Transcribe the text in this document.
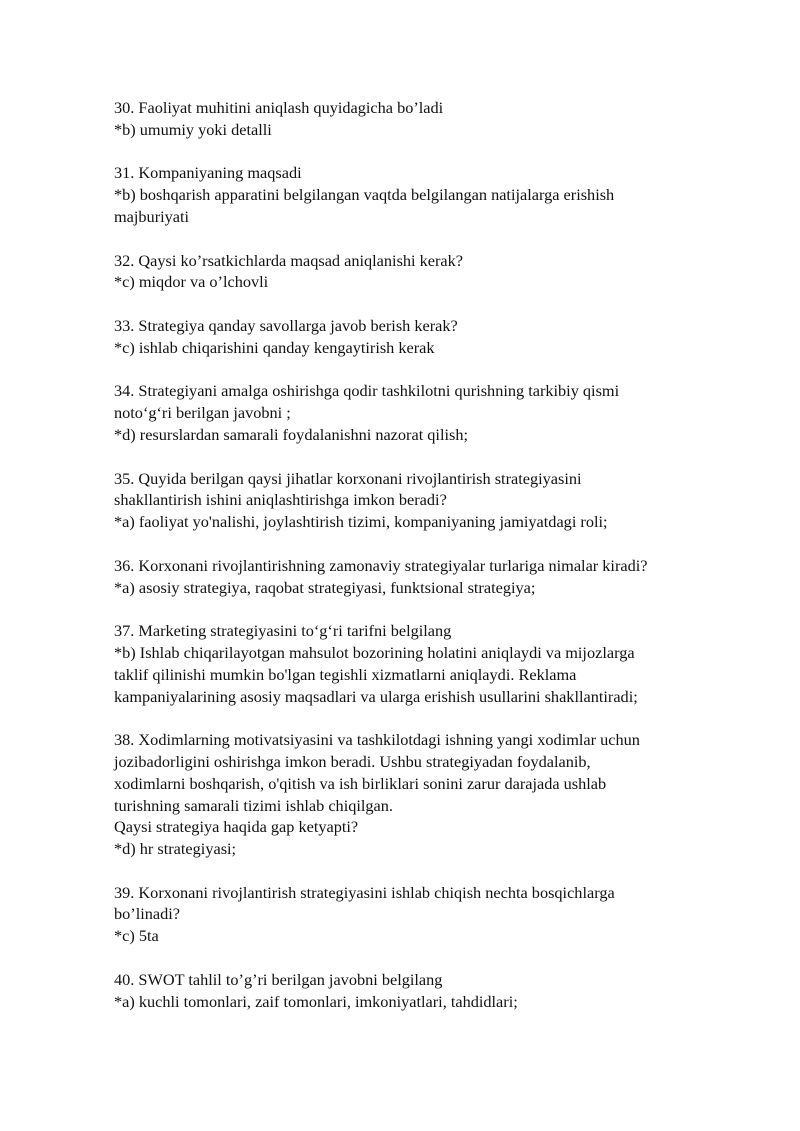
30. Faoliyat muhitini aniqlash quyidagicha bo’ladi
*b) umumiy yoki detalli
31. Kompaniyaning maqsadi
*b) boshqarish apparatini belgilangan vaqtda belgilangan natijalarga erishish
majburiyati
32. Qaysi ko’rsatkichlarda maqsad aniqlanishi kerak?
*c) miqdor va o’lchovli
33. Strategiya qanday savollarga javob berish kerak?
*c) ishlab chiqarishini qanday kengaytirish kerak
34. Strategiyani amalga oshirishga qodir tashkilotni qurishning tarkibiy qismi
noto‘g‘ri berilgan javobni ;
*d) resurslardan samarali foydalanishni nazorat qilish;
35. Quyida berilgan qaysi jihatlar korxonani rivojlantirish strategiyasini
shakllantirish ishini aniqlashtirishga imkon beradi?
*a) faoliyat yo'nalishi, joylashtirish tizimi, kompaniyaning jamiyatdagi roli;
36. Korxonani rivojlantirishning zamonaviy strategiyalar turlariga nimalar kiradi?
*a) asosiy strategiya, raqobat strategiyasi, funktsional strategiya;
37. Marketing strategiyasini to‘g‘ri tarifni belgilang
*b) Ishlab chiqarilayotgan mahsulot bozorining holatini aniqlaydi va mijozlarga
taklif qilinishi mumkin bo'lgan tegishli xizmatlarni aniqlaydi. Reklama
kampaniyalarining asosiy maqsadlari va ularga erishish usullarini shakllantiradi;
38. Xodimlarning motivatsiyasini va tashkilotdagi ishning yangi xodimlar uchun
jozibadorligini oshirishga imkon beradi. Ushbu strategiyadan foydalanib,
xodimlarni boshqarish, o'qitish va ish birliklari sonini zarur darajada ushlab
turishning samarali tizimi ishlab chiqilgan.
Qaysi strategiya haqida gap ketyapti?
*d) hr strategiyasi;
39. Korxonani rivojlantirish strategiyasini ishlab chiqish nechta bosqichlarga
bo’linadi?
*c) 5ta
40. SWOT tahlil to’g’ri berilgan javobni belgilang
*a) kuchli tomonlari, zaif tomonlari, imkoniyatlari, tahdidlari;
